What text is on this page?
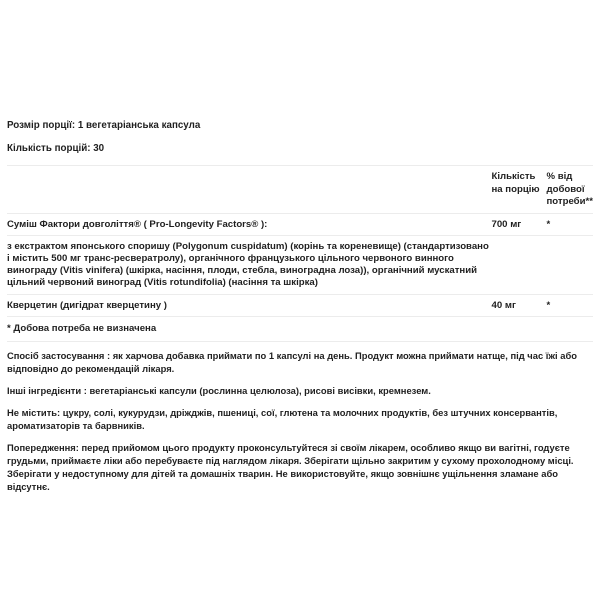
Розмір порції: 1 вегетаріанська капсула

Кількість порцій: 30

	Кількість на порцію	% від добової потреби**
Суміш Фактори довголіття® ( Pro-Longevity Factors® ):	700 мг	*
з екстрактом японського споришу (Polygonum cuspidatum) (корінь та кореневище) (стандартизовано і містить 500 мг транс-ресвератролу), органічного французького цільного червоного винного винограду (Vitis vinifera) (шкірка, насіння, плоди, стебла, виноградна лоза)), органічний мускатний цільний червоний виноград (Vitis rotundifolia) (насіння та шкірка)		
Кверцетин (дигідрат кверцетину )	40 мг	*
* Добова потреба не визначена		

Спосіб застосування : як харчова добавка приймати по 1 капсулі на день. Продукт можна приймати натще, під час їжі або відповідно до рекомендацій лікаря.

Інші інгредієнти : вегетаріанські капсули (рослинна целюлоза), рисові висівки, кремнезем.

Не містить: цукру, солі, кукурудзи, дріжджів, пшениці, сої, глютена та молочних продуктів, без штучних консервантів, ароматизаторів та барвників.

Попередження: перед прийомом цього продукту проконсультуйтеся зі своїм лікарем, особливо якщо ви вагітні, годуєте грудьми, приймаєте ліки або перебуваєте під наглядом лікаря. Зберігати щільно закритим у сухому прохолодному місці. Зберігати у недоступному для дітей та домашніх тварин. Не використовуйте, якщо зовнішнє ущільнення зламане або відсутнє.
